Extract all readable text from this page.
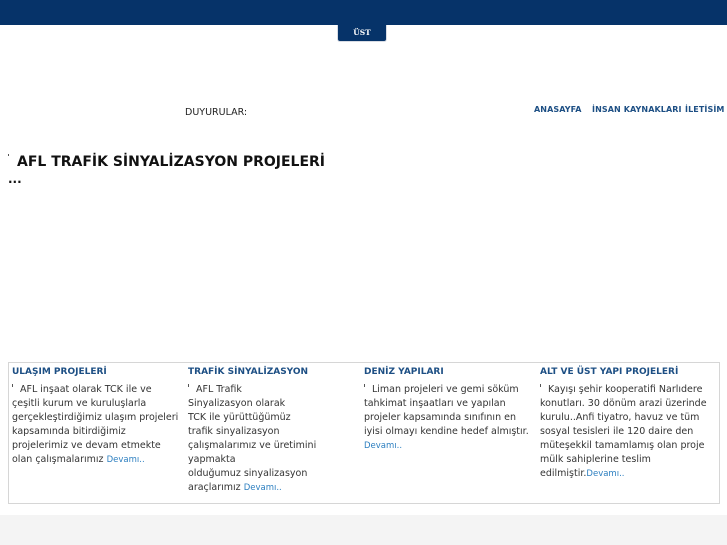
ÜST PANEL
DUYURULAR:	ANASAYFA İNSAN KAYNAKLARI İLETİSİM
AFL TRAFİK SİNYALİZASYON PROJELERİ
...
ULAŞIM PROJELERİ
AFL inşaat olarak TCK ile ve
çeşitli kurum ve kuruluşlarla
gerçekleştirdiğimiz ulaşım projeleri
kapsamında bitirdiğimiz
projelerimiz ve devam etmekte
olan çalışmalarımız Devamı..
TRAFİK SİNYALİZASYON
AFL Trafik
Sinyalizasyon olarak
TCK ile yürüttüğümüz
trafik sinyalizasyon
çalışmalarımız ve üretimini
yapmakta
olduğumuz sinyalizasyon
araçlarımız Devamı..
DENİZ YAPILARI
Liman projeleri ve gemi söküm
tahkimat inşaatları ve yapılan
projeler kapsamında sınıfının en
iyisi olmayı kendine hedef almıştır.
Devamı..
ALT VE ÜST YAPI PROJELERİ
Kayışı şehir kooperatifi Narlıdere
konutları. 30 dönüm arazi üzerinde
kurulu..Anfi tiyatro, havuz ve tüm
sosyal tesisleri ile 120 daire den
müteşekkil tamamlamış olan proje
mülk sahiplerine teslim
edilmiştir.Devamı..
